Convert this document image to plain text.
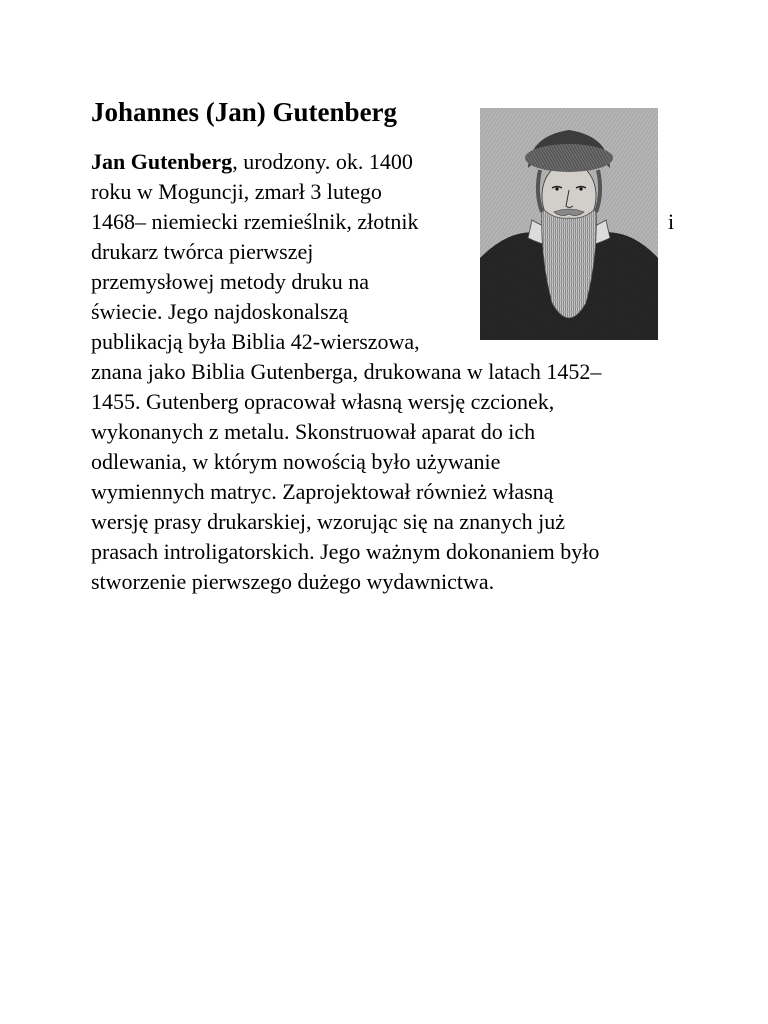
Johannes (Jan) Gutenberg
Jan Gutenberg, urodzony. ok. 1400
roku w Moguncji, zmarł 3 lutego
1468– niemiecki rzemieślnik, złotnik	i
drukarz twórca pierwszej
przemysłowej metody druku na
świecie. Jego najdoskonalszą
publikacją była Biblia 42-wierszowa,
znana jako Biblia Gutenberga, drukowana w latach 1452–
1455. Gutenberg opracował własną wersję czcionek,
wykonanych z metalu. Skonstruował aparat do ich
odlewania, w którym nowością było używanie
wymiennych matryc. Zaprojektował również własną
wersję prasy drukarskiej, wzorując się na znanych już
prasach introligatorskich. Jego ważnym dokonaniem było
stworzenie pierwszego dużego wydawnictwa.
